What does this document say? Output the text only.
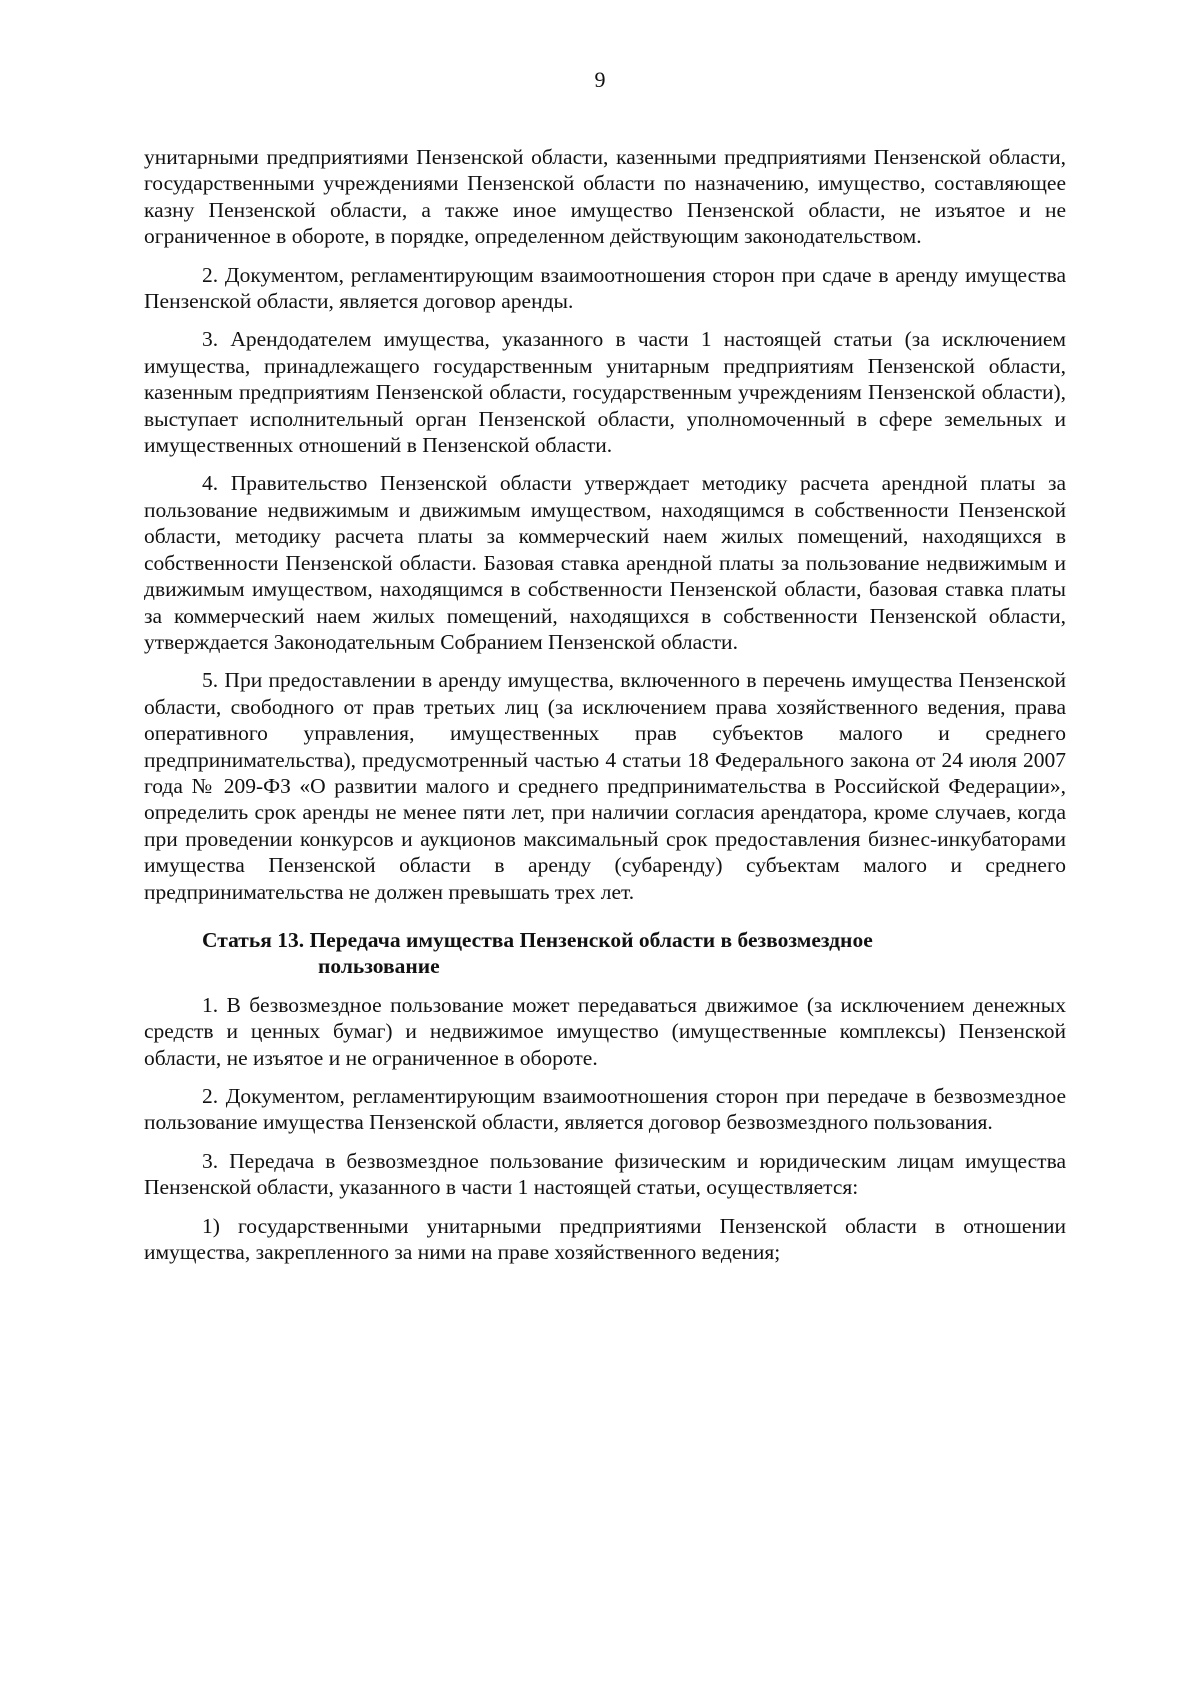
9

унитарными предприятиями Пензенской области, казенными предприятиями Пензенской области, государственными учреждениями Пензенской области по назначению, имущество, составляющее казну Пензенской области, а также иное имущество Пензенской области, не изъятое и не ограниченное в обороте, в порядке, определенном действующим законодательством.

2. Документом, регламентирующим взаимоотношения сторон при сдаче в аренду имущества Пензенской области, является договор аренды.

3. Арендодателем имущества, указанного в части 1 настоящей статьи (за исключением имущества, принадлежащего государственным унитарным предприятиям Пензенской области, казенным предприятиям Пензенской области, государственным учреждениям Пензенской области), выступает исполнительный орган Пензенской области, уполномоченный в сфере земельных и имущественных отношений в Пензенской области.

4. Правительство Пензенской области утверждает методику расчета арендной платы за пользование недвижимым и движимым имуществом, находящимся в собственности Пензенской области, методику расчета платы за коммерческий наем жилых помещений, находящихся в собственности Пензенской области. Базовая ставка арендной платы за пользование недвижимым и движимым имуществом, находящимся в собственности Пензенской области, базовая ставка платы за коммерческий наем жилых помещений, находящихся в собственности Пензенской области, утверждается Законодательным Собранием Пензенской области.

5. При предоставлении в аренду имущества, включенного в перечень имущества Пензенской области, свободного от прав третьих лиц (за исключением права хозяйственного ведения, права оперативного управления, имущественных прав субъектов малого и среднего предпринимательства), предусмотренный частью 4 статьи 18 Федерального закона от 24 июля 2007 года № 209-ФЗ «О развитии малого и среднего предпринимательства в Российской Федерации», определить срок аренды не менее пяти лет, при наличии согласия арендатора, кроме случаев, когда при проведении конкурсов и аукционов максимальный срок предоставления бизнес-инкубаторами имущества Пензенской области в аренду (субаренду) субъектам малого и среднего предпринимательства не должен превышать трех лет.

Статья 13. Передача имущества Пензенской области в безвозмездное пользование

1. В безвозмездное пользование может передаваться движимое (за исключением денежных средств и ценных бумаг) и недвижимое имущество (имущественные комплексы) Пензенской области, не изъятое и не ограниченное в обороте.

2. Документом, регламентирующим взаимоотношения сторон при передаче в безвозмездное пользование имущества Пензенской области, является договор безвозмездного пользования.

3. Передача в безвозмездное пользование физическим и юридическим лицам имущества Пензенской области, указанного в части 1 настоящей статьи, осуществляется:

1) государственными унитарными предприятиями Пензенской области в отношении имущества, закрепленного за ними на праве хозяйственного ведения;
